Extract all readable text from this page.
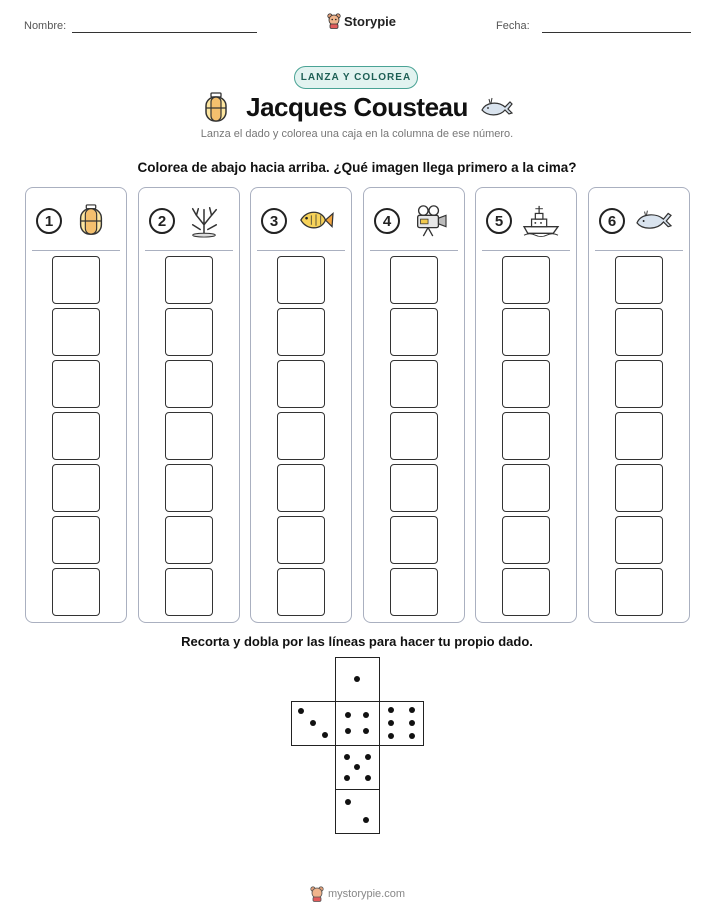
Nombre:	Storypie	Fecha:
LANZA Y COLOREA
Jacques Cousteau
Lanza el dado y colorea una caja en la columna de ese número.
Colorea de abajo hacia arriba. ¿Qué imagen llega primero a la cima?
1	2	3	4	5	6
Recorta y dobla por las líneas para hacer tu propio dado.
mystorypie.com
